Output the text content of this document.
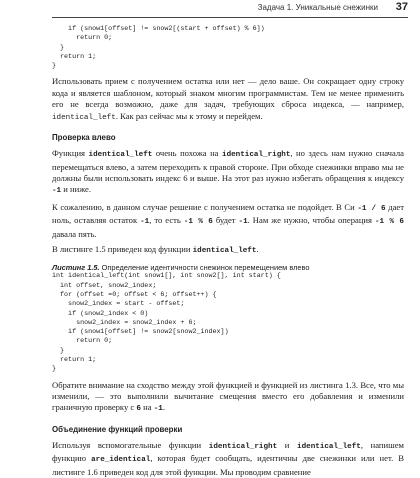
Задача 1. Уникальные снежинки 37
if (snow1[offset] != snow2[(start + offset) % 6])
return 0;
}
return 1;
}

Использовать прием с получением остатка или нет — дело ваше. Он сокращает одну строку кода и является шаблоном, который знаком многим программистам. Тем не менее применить его не всегда возможно, даже для задач, требующих сброса индекса, — например, identical_left. Как раз сейчас мы к этому и перейдем.

Проверка влево

Функция identical_left очень похожа на identical_right, но здесь нам нужно сначала перемещаться влево, а затем переходить к правой стороне. При обходе снежинки вправо мы не должны были использовать индекс 6 и выше. На этот раз нужно избегать обращения к индексу -1 и ниже.

К сожалению, в данном случае решение с получением остатка не подойдет. В Си -1 / 6 дает ноль, оставляя остаток -1, то есть -1 % 6 будет -1. Нам же нужно, чтобы операция -1 % 6 давала пять.

В листинге 1.5 приведен код функции identical_left.

Листинг 1.5. Определение идентичности снежинок перемещением влево
int identical_left(int snow1[], int snow2[], int start) {
int offset, snow2_index;
for (offset =0; offset < 6; offset++) {
snow2_index = start - offset;
if (snow2_index < 0)
snow2_index = snow2_index + 6;
if (snow1[offset] != snow2[snow2_index])
return 0;
}
return 1;
}

Обратите внимание на сходство между этой функцией и функцией из листинга 1.3. Все, что мы изменили, — это выполнили вычитание смещения вместо его добавления и изменили граничную проверку с 6 на -1.

Объединение функций проверки

Используя вспомогательные функции identical_right и identical_left, напишем функцию are_identical, которая будет сообщать, идентичны две снежинки или нет. В листинге 1.6 приведен код для этой функции. Мы проводим сравнение
